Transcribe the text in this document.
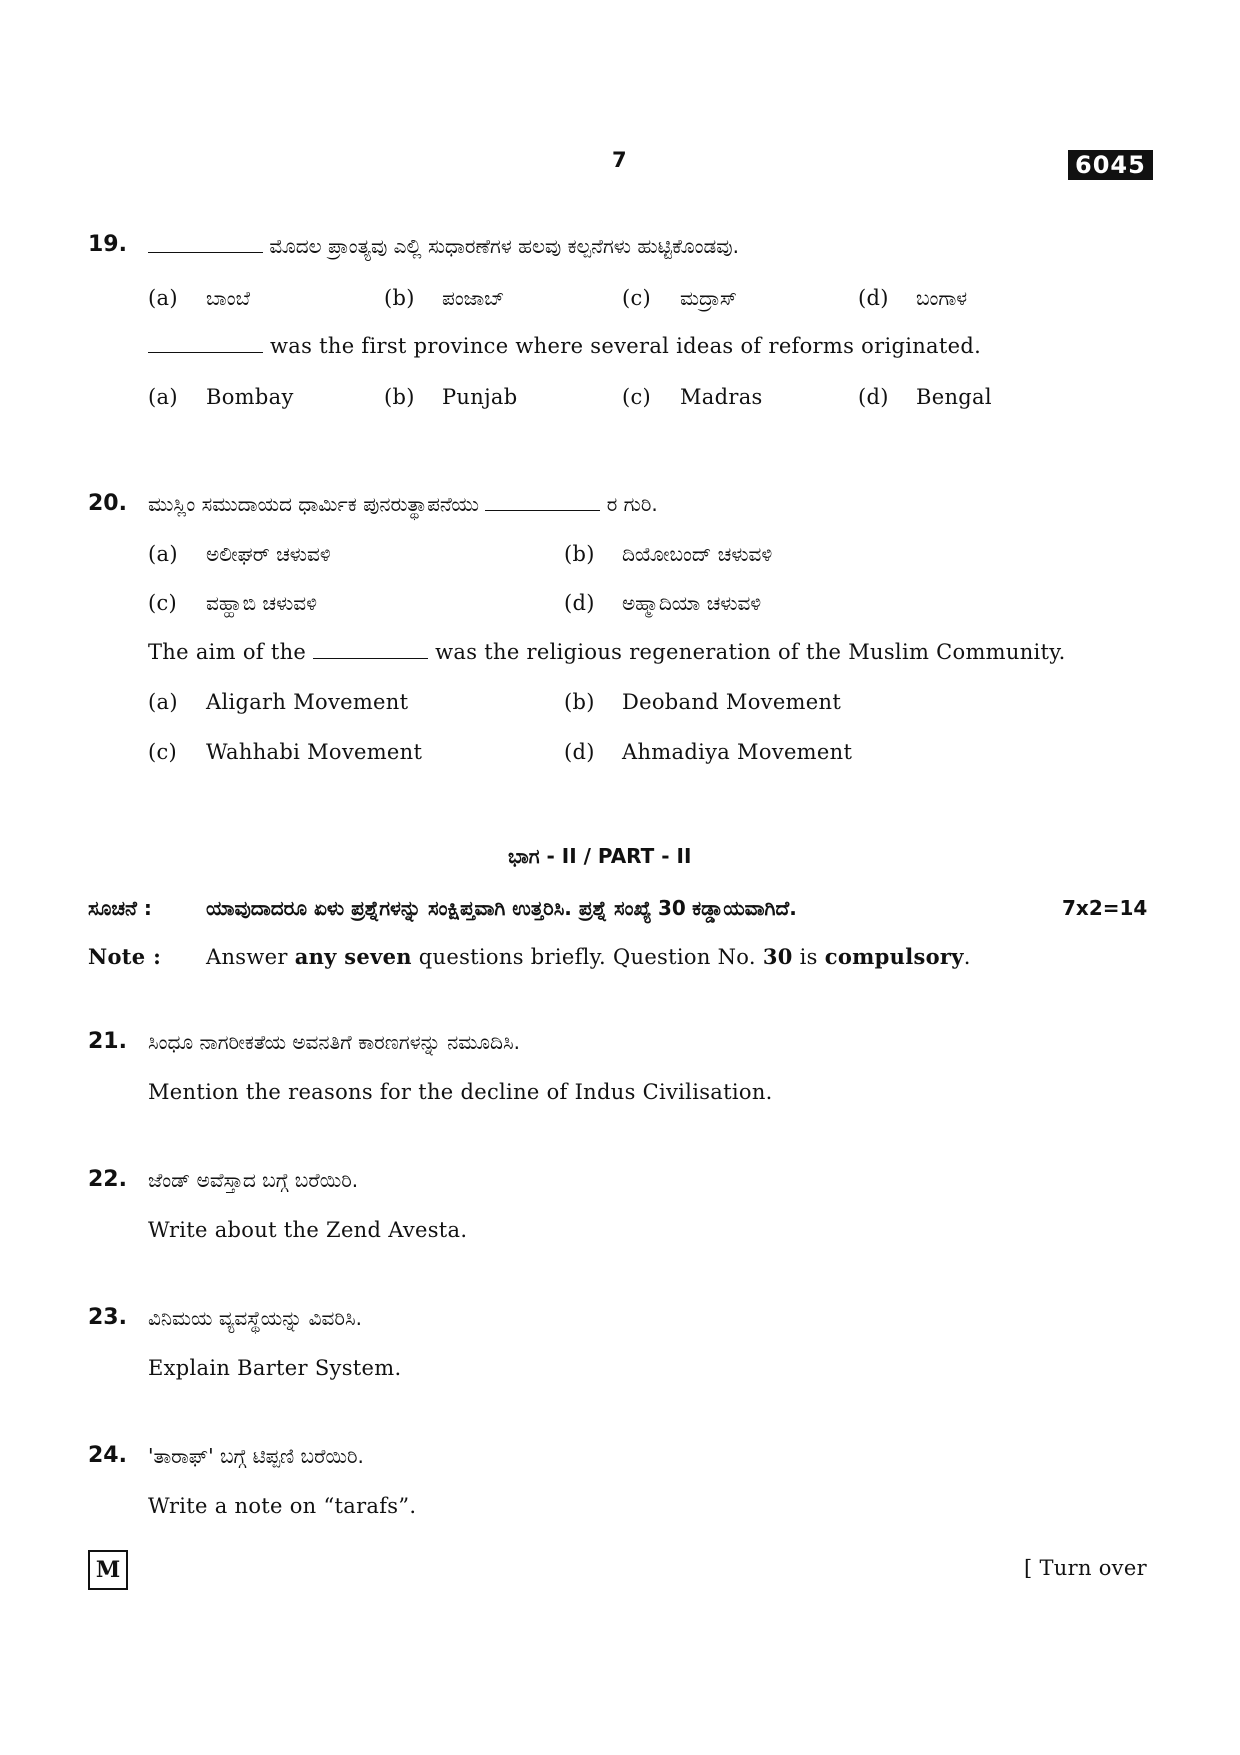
7	6045
19.	ಮೊದಲ ಪ್ರಾಂತ್ಯವು ಎಲ್ಲಿ ಸುಧಾರಣೆಗಳ ಹಲವು ಕಲ್ಪನೆಗಳು ಹುಟ್ಟಿಕೊಂಡವು.
(a) ಬಾಂಬೆ	(b) ಪಂಜಾಬ್	(c) ಮದ್ರಾಸ್	(d) ಬಂಗಾಳ
was the first province where several ideas of reforms originated.
(a) Bombay	(b) Punjab	(c) Madras	(d) Bengal
20. ಮುಸ್ಲಿಂ ಸಮುದಾಯದ ಧಾರ್ಮಿಕ ಪುನರುತ್ಥಾಪನೆಯು	ರ ಗುರಿ.
(a) ಅಲೀಘರ್ ಚಳುವಳಿ	(b) ದಿಯೋಬಂದ್ ಚಳುವಳಿ
(c) ವಹ್ಹಾಬಿ ಚಳುವಳಿ	(d) ಅಹ್ಮಾದಿಯಾ ಚಳುವಳಿ
The aim of the	was the religious regeneration of the Muslim Community.
(a) Aligarh Movement	(b) Deoband Movement
(c) Wahhabi Movement	(d) Ahmadiya Movement
ಭಾಗ - II / PART - II
ಸೂಚನೆ :	ಯಾವುದಾದರೂ ಏಳು ಪ್ರಶ್ನೆಗಳನ್ನು ಸಂಕ್ಷಿಪ್ತವಾಗಿ ಉತ್ತರಿಸಿ. ಪ್ರಶ್ನೆ ಸಂಖ್ಯೆ 30 ಕಡ್ಡಾಯವಾಗಿದೆ.	7x2=14
Note : Answer any seven questions briefly. Question No. 30 is compulsory.
21. ಸಿಂಧೂ ನಾಗರೀಕತೆಯ ಅವನತಿಗೆ ಕಾರಣಗಳನ್ನು ನಮೂದಿಸಿ.
Mention the reasons for the decline of Indus Civilisation.
22. ಜೆಂಡ್ ಅವೆಸ್ತಾದ ಬಗ್ಗೆ ಬರೆಯಿರಿ.
Write about the Zend Avesta.
23. ವಿನಿಮಯ ವ್ಯವಸ್ಥೆಯನ್ನು ವಿವರಿಸಿ.
Explain Barter System.
24. 'ತಾರಾಫ್' ಬಗ್ಗೆ ಟಿಪ್ಪಣಿ ಬರೆಯಿರಿ.
Write a note on “tarafs”.
M	[ Turn over
